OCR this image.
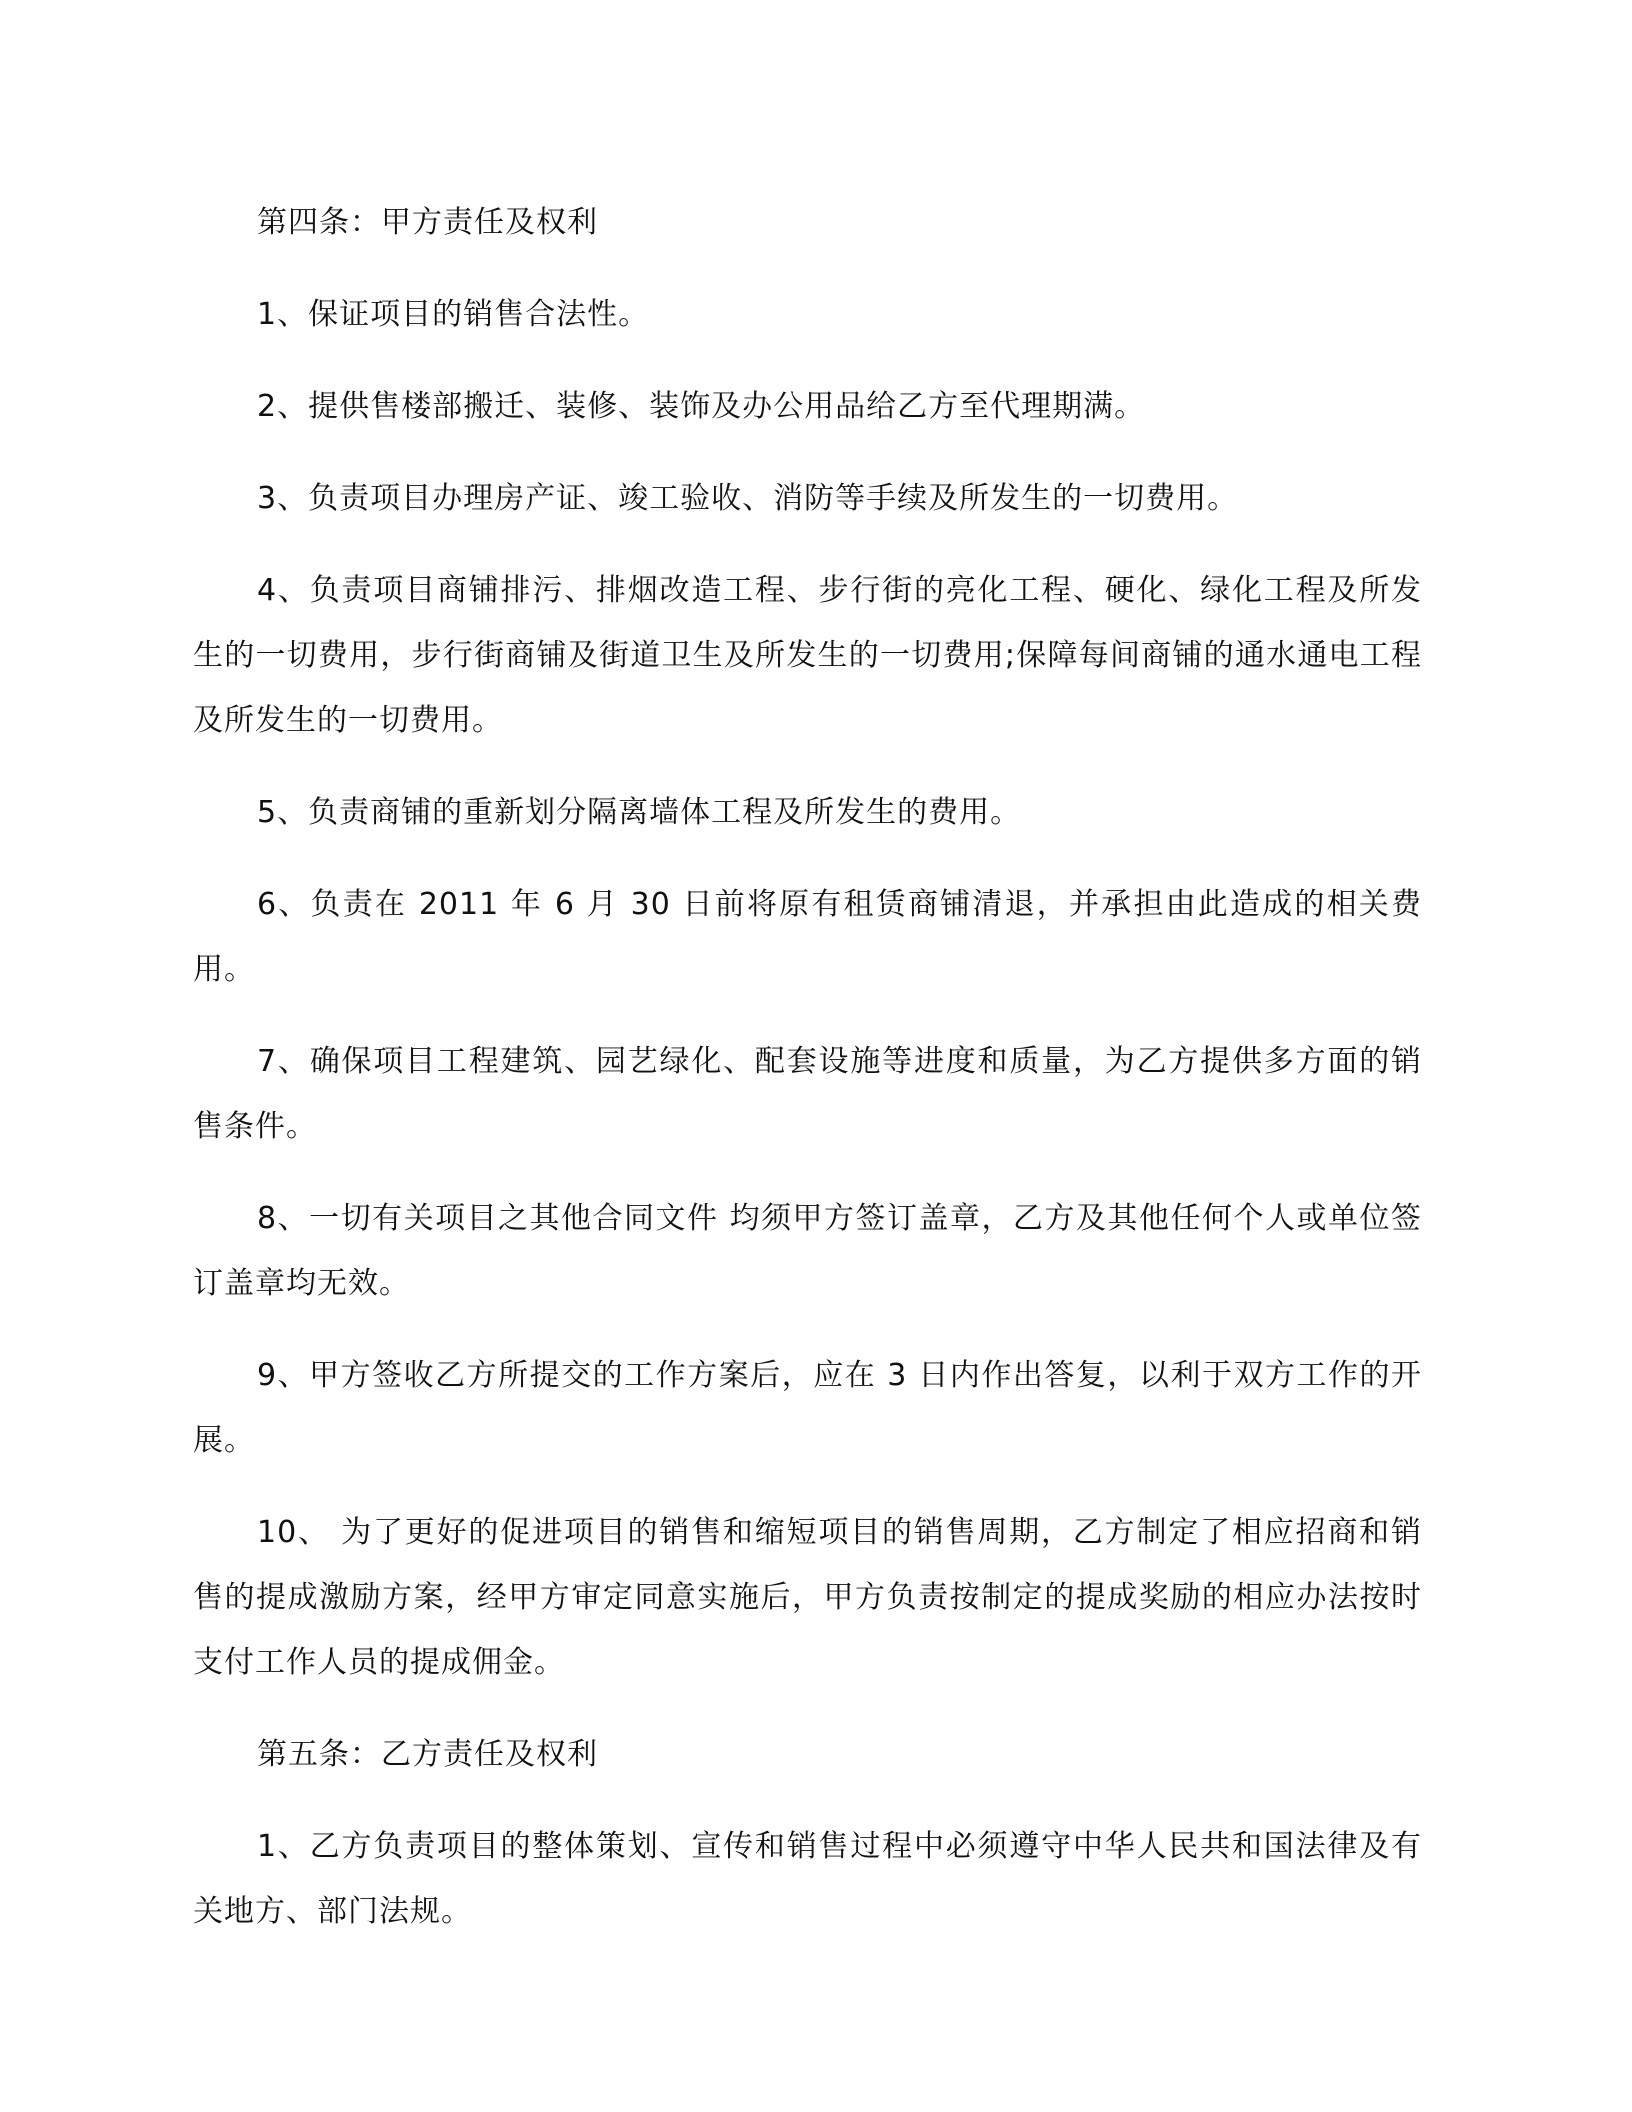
第四条：甲方责任及权利

1、保证项目的销售合法性。

2、提供售楼部搬迁、装修、装饰及办公用品给乙方至代理期满。

3、负责项目办理房产证、竣工验收、消防等手续及所发生的一切费用。

4、负责项目商铺排污、排烟改造工程、步行街的亮化工程、硬化、绿化工程及所发生的一切费用，步行街商铺及街道卫生及所发生的一切费用;保障每间商铺的通水通电工程及所发生的一切费用。

5、负责商铺的重新划分隔离墙体工程及所发生的费用。

6、负责在 2011 年 6 月 30 日前将原有租赁商铺清退，并承担由此造成的相关费用。

7、确保项目工程建筑、园艺绿化、配套设施等进度和质量，为乙方提供多方面的销售条件。

8、一切有关项目之其他合同文件 均须甲方签订盖章，乙方及其他任何个人或单位签订盖章均无效。

9、甲方签收乙方所提交的工作方案后，应在 3 日内作出答复，以利于双方工作的开展。

10、 为了更好的促进项目的销售和缩短项目的销售周期，乙方制定了相应招商和销售的提成激励方案，经甲方审定同意实施后，甲方负责按制定的提成奖励的相应办法按时支付工作人员的提成佣金。

第五条：乙方责任及权利

1、乙方负责项目的整体策划、宣传和销售过程中必须遵守中华人民共和国法律及有关地方、部门法规。
